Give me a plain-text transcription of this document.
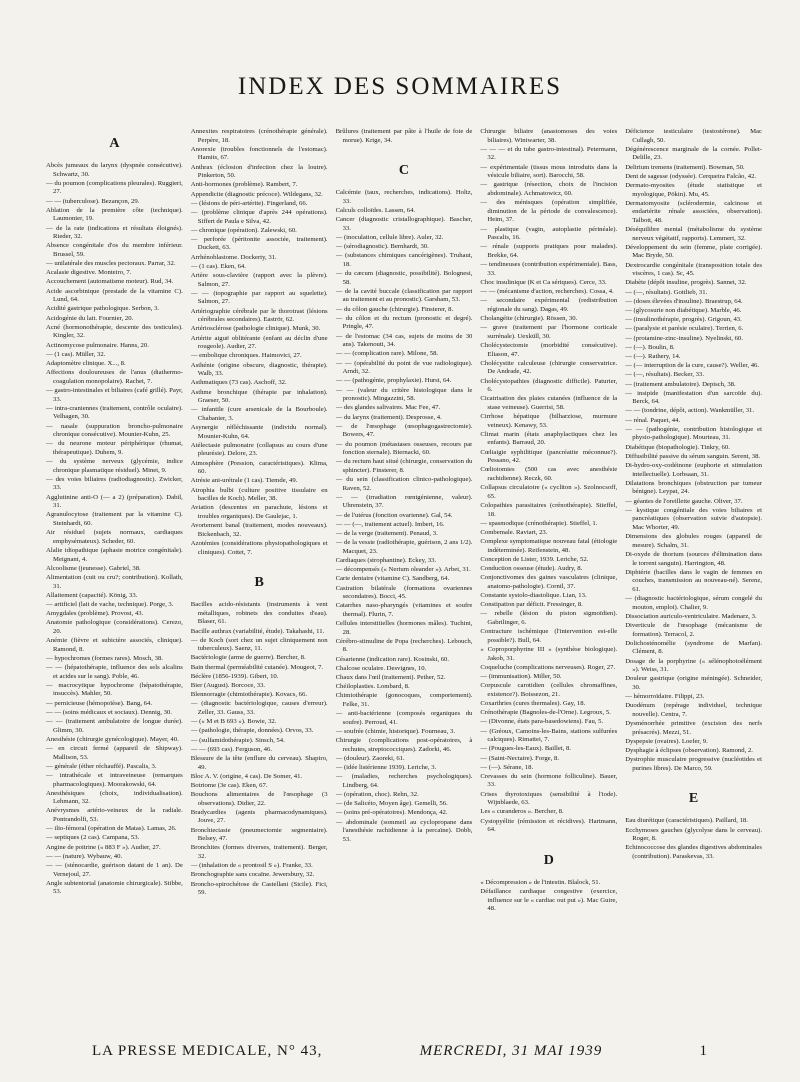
INDEX DES SOMMAIRES
A

Abcès jumeaux du larynx (dyspnée consécutive). Schwartz, 30.

— du poumon (complications pleurales). Ruggieri, 27.

— — (tuberculose). Bezançon, 29.

Ablation de la première côte (technique). Laumonier, 19.

— de la rate (indications et résultats éloignés). Rieder, 32.

Absence congénitale d'os du membre inférieur. Brussel, 59.

— unilatérale des muscles pectoraux. Parrar, 32.

Acalasie digestive. Monteiro, 7.

Accouchement (automatisme moteur). Rud, 34.

Acide ascorbinique (prestade de la vitamine C). Lund, 64.

Acidité gastrique pathologique. Serbon, 3.

Acidogénie du lait. Fournier, 20.

Acné (hormonothérapie, descente des testicules). Kingler, 32.

Actinomycose pulmonaire. Hanns, 20.

— (1 cas). Müller, 32.

Adaptomètre clinique. X..., 8.

Affections douloureuses de l'anus (diathermo-coagulation monopolaire). Rachet, 7.

— gastro-intestinales et biliaires (café grillé). Payr, 33.

— intra-craniennes (traitement, contrôle oculaire). Velhagen, 30.

— nasale (suppuration broncho-pulmonaire chronique consécutive). Mounier-Kuhn, 25.

— du neurone moteur périphérique (rhumat, thérapeutique). Duhem, 9.

— du système nerveux (glycémie, indice chronique plasmatique résiduel). Minet, 9.

— des voies biliaires (radiodiagnostic). Zwicker, 33.

Agglutinine anti-O (— a 2) (préparation). Dabil, 31.

Agranulocytose (traitement par la vitamine C). Steinhardt, 60.

Air résiduel (sujets normaux, cardiaques emphysémateux). Scheder, 60.

Alalie idiopathique (aphasie motrice congénitale). Meignant, 4.

Alcoolisme (jeunesse). Gabriel, 38.

Alimentation (cuit ou cru?; contribution). Kollath, 31.

Allaitement (capacité). König, 33.

— artificiel (lait de vache, technique). Porge, 3.

Amygdales (problème). Provost, 43.

Anatomie pathologique (considérations). Cerezo, 20.

Anémie (fièvre et subictère associés, clinique). Ramond, 8.

— hypochromes (formes rares). Mosch, 38.

— — (hépatothérapie, influence des sels alcalins et acides sur le sang). Poble, 46.

— macrocytique hypochrome (hépatothérapie, insuccès). Mahler, 50.

— pernicieuse (hémopoïèse). Bang, 64.

— — (soins médicaux et sociaux). Dennig, 30.

— — (traitement ambulatoire de longue durée). Glimm, 30.

Anesthésie (chirurgie gynécologique). Mayer, 40.

— en circuit fermé (appareil de Shipway). Mallison, 53.

— générale (éther réchauffé). Pascalis, 3.

— intrathécale et intraveineuse (remarques pharmacologiques). Moorakowski, 64.

Anesthésiques (choix, individualisation). Lehmann, 32.

Anévrysmes artério-veineux de la radiale. Pontrandolfi, 53.

— ilio-fémoral (opération de Matas). Lamas, 26.

— septiques (2 cas). Campana, 53.

Angine de poitrine (« 883 F »). Audier, 27.

— — (nature). Wybauw, 40.

— — (sténocardie, guérison datant de 1 an). De Vernejoul, 27.

Angle subtentorial (anatomie chirurgicale). Stibbe, 53.

Annexites respiratoires (crénothérapie générale). Perpère, 18.

Anorexie (troubles fonctionnels de l'estomac). Hamits, 67.

Anthrax (éclosion d'infection chez la loutre). Pinkerton, 50.

Anti-hormones (problème). Rambert, 7.

Appendicite (diagnostic précoce). Wildegans, 32.

— (lésions de péri-artérite). Fingerland, 66.

— (problème clinique d'après 244 opérations). Siffert de Paula e Silva, 42.

— chronique (opération). Zalewski, 60.

— perforée (péritonite associée, traitement). Duckett, 63.

Arrhénoblastome. Dockerty, 31.

— (1 cas). Eken, 64.

Artère sous-clavière (rapport avec la plèvre). Salmon, 27.

— — (topographie par rapport au squelette). Salmon, 27.

Artériographie cérébrale par le thorotrast (lésions cérébrales secondaires). Eaströr, 62.

Artériosclérose (pathologie clinique). Munk, 30.

Artérite aiguë oblitérante (enfant au déclin d'une rougeole). Audier, 27.

— embolique chroniques. Haimovici, 27.

Asthénie (origine obscure, diagnostic, thérapie). Walb, 33.

Asthmatiques (73 cas). Aschoff, 32.

Asthme bronchique (thérapie par inhalation). Graeser, 50.

— infantile (cure arsenicale de la Bourboule). Chabanier, 3.

Asynergie réfléchissante (individu normal). Mounier-Kuhn, 64.

Atélectasie pulmonaire (collapsus au cours d'une pleurésie). Delore, 23.

Atmosphère (Pression, caractéristiques). Klima, 60.

Atrésie ani-urétrale (1 cas). Tiemde, 49.

Atrophia bulbi (culture positive tissulaire en bacilles de Koch). Meller, 38.

Aviation (descentes en parachute, lésions et troubles organiques). De Gaulejac, 1.

Avortement banal (traitement, modes nouveaux). Bickenbach, 32.

Azotémies (considérations physiopathologiques et cliniques). Cottet, 7.

B

Bacilles acido-résistants (instruments à vent métalliques, robinets des conduites d'eau). Blaser, 61.

Bacille authrax (variabilité, étude). Takahashi, 11.

— de Koch (sort chez un sujet cliniquement non tuberculeux). Saenz, 11.

Bactériologie (arme de guerre). Bercher, 8.

Bain thermal (perméabilité cutanée). Mougeot, 7.

Béclère (1856-1939). Gibert, 10.

Bier (August). Borcoce, 33.

Blennorragie (chimiothérapie). Kovacs, 66.

— (diagnostic bactériologique, causes d'erreur). Zeller, 33. Gauss, 33.

— (« M et B 693 »). Bowie, 32.

— (pathologie, thérapie, données). Orvos, 33.

— (sulfamidothérapie). Sinsch, 54.

— — (693 cas). Ferguson, 46.

Blessure de la tête (enflure du cerveau). Shapiro, 49.

Bloc A. V. (origine, 4 cas). De Somer, 41.

Botriome (3e cas). Eken, 67.

Bouchons alimentaires de l'œsophage (3 observations). Didier, 22.

Bradycardies (agents pharmacodynamiques). Jouve, 27.

Bronchiectasie (pneumectomie segmentaire). Belsey, 47.

Bronchites (formes diverses, traitement). Berger, 32.

— (inhalation de « prontosil S »). Franke, 33.

Bronchographie sans cocaïne. Jewersbury, 32.

Broncho-spirochétose de Castellani (Sicile). Fici, 59.

Brûlures (traitement par pâte à l'huile de foie de morue). Krige, 34.

C

Calcémie (taux, recherches, indications). Holtz, 33.

Calculs colloïdes. Lassen, 64.

Cancer (diagnostic cristallographique). Bascher, 33.

— (inoculation, cellule libre). Auler, 32.

— (sérodiagnostic). Bernhardt, 30.

— (substances chimiques cancérigènes). Truhaut, 18.

— du cæcum (diagnostic, possibilité). Bolognesi, 58.

— de la cavité buccale (classification par rapport au traitement et au pronostic). Garsham, 53.

— du côlon gauche (chirurgie). Finsterer, 8.

— du côlon et du rectum (pronostic et degré). Pringle, 47.

— de l'estomac (34 cas, sujets de moins de 30 ans). Takenouti, 34.

— — (complication rare). Milone, 58.

— — (opérabilité du point de vue radiologique). Arndt, 32.

— — (pathogénie, prophylaxie). Hurst, 64.

— — (valeur du critère histologique dans le pronostic). Mingazzini, 58.

— des glandes salivaires. Mac Fee, 47.

— du larynx (traitement). Desprosse, 4.

— de l'œsophage (œsophagogastrectomie). Bowers, 47.

— du poumon (métastases osseuses, recours par fonction sternale). Biernacki, 60.

— du rectum haut situé (chirurgie, conservation du sphincter). Finsterer, 8.

— du sein (classification clinico-pathologique). Raven, 52.

— — (irradiation rœntgénienne, valeur). Uhrenstein, 37.

— de l'utérus (fonction ovarienne). Gal, 54.

— — (—, traitement actuel). Imbert, 16.

— de la verge (traitement). Penaud, 3.

— de la vessie (radiothérapie, guérison, 2 ans 1/2). Macquet, 23.

Cardiaques (strophantine). Eckey, 33.

— décompensés (« Nerium oleander »). Arbet, 31.

Carie dentaire (vitamine C). Sandberg, 64.

Castration bilatérale (formations ovariennes secondaires). Bocci, 45.

Catarrhes naso-pharyngés (vitamines et soufre thermal). Flurin, 7.

Cellules interstitielles (hormones mâles). Tuchini, 28.

Cérébro-stimuline de Popa (recherches). Lebouch, 8.

Césarienne (indication rare). Kosinski, 60.

Chalcose oculaire. Desvignes, 10.

Chaux dans l'œil (traitement). Pether, 52.

Chéiloplasties. Lombard, 8.

Chimiothérapie (gonocoques, comportement). Felke, 31.

— anti-bactérienne (composés organiques du soufre). Perroud, 41.

— soufrée (chimie, historique). Fourneau, 3.

Chirurgie (complications post-opératoires, à rechutes, streptococciques). Zadorki, 46.

— (douleur). Zaoreki, 61.

— (idée listérienne 1939). Leriche, 3.

— (maladies, recherches psychologiques). Lindberg, 64.

— (opération, choc). Rehn, 32.

— (de Salicéto, Moyen âge). Gemelli, 56.

— (soins pré-opératoires). Mendonça, 42.

— abdominale (sommeil au cyclopropane dans l'anesthésie rachidienne à la percaïne). Dobb, 53.

Chirurgie biliaire (anastomoses des voies biliaires). Winiwarter, 38.

— — — et du tube gastro-intestinal). Petermann, 32.

— expérimentale (tissus mous introduits dans la vésicule biliaire, sort). Barocchi, 58.

— gastrique (résection, choix de l'incision abdominale). Achmatowicz, 60.

— des ménisques (opération simplifiée, diminution de la période de convalescence). Heim, 37.

— plastique (vagin, autoplastie périnéale). Pascalis, 16.

— rénale (supports pratiques pour malades). Brekke, 64.

— tendineuses (contribution expérimentale). Bass, 33.

Choc insulinique (K et Ca sériques). Cerce, 33.

— — (mécanisme d'action, recherches). Cossa, 4.

— secondaire expérimental (redistribution régionale du sang). Dagas, 49.

Cholangéite (chirurgie). Rössen, 30.

— grave (traitement par l'hormone corticale surrénale). Uexküll, 30.

Cholécystectomie (morbidité consécutive). Eliason, 47.

Cholécystite calculeuse (chirurgie conservatrice. De Andrade, 42.

Cholécystopathies (diagnostic difficile). Paturier, 6.

Cicatrisation des plaies cutanées (influence de la stase veineuse). Guerrisi, 58.

Cirrhose hépatique (bilharziose, murmure veineux). Kenawy, 53.

Climat marin (états anaphylactiques chez les enfants). Barraud, 20.

Cœliaigie syphilitique (pancréatite méconnue?). Pessano, 42.

Cœliotomies (500 cas avec anesthésie rachidienne). Reczk, 60.

Collapsus circulatoire (« cycliton »). Szolnocsoff, 65.

Colopathies parasitaires (crénothérapie). Stieffel, 18.

— spasmodique (crénothérapie). Stieffel, 1.

Combemale. Raviart, 23.

Complexe symptomatique nouveau fatal (étiologie indéterminée). Reifenstein, 48.

Conception de Lister, 1939. Leriche, 52.

Conduction osseuse (étude). Audry, 8.

Conjonctivomes des gaines vasculaires (clinique, anatomo-pathologie). Cornil, 37.

Constante systolo-diastolique. Lian, 13.

Constipation par déficit. Fressinger, 8.

— rebelle (lésion du piston sigmoïdien). Gabrilinger, 6.

Contracture ischémique (l'intervention est-elle possible?). Bull, 64.

« Coproporphyrine III » (synthèse biologique). Jakob, 31.

Coqueluche (complications nerveuses). Roger, 27.

— (immunisation). Miller, 50.

Corpuscule carotidien (cellules chromaffines, existence?). Boissezon, 21.

Coxarthries (cures thermales). Gay, 18.

Crénothérapie (Bagnoles-de-l'Orne). Legroux, 5.

— (Divonne, états para-basedowiens). Fau, 5.

— (Gréoux, Camoins-les-Bains, stations sulfurées calciques). Rimattei, 7.

— (Pougues-les-Eaux). Baillet, 8.

— (Saint-Nectaire). Forge, 8.

— (—). Sérane, 18.

Crevasses du sein (hormone folliculine). Bauer, 33.

Crises thyrotoxiques (sensibilité à l'iode). Wijnblaede, 63.

Les « curanderos ». Bercher, 8.

Cystopyélite (rémission et récidives). Hartmann, 64.

D

« Décompression » de l'intestin. Blalock, 51.

Défaillance cardiaque congestive (exercice, influence sur le « cardiac out put »). Mac Guire, 48.

Déficience testiculaire (testostérone). Mac Cullagh, 50.

Dégénérescence marginale de la cornée. Pollet-Delille, 23.

Delirium tremens (traitement). Bowman, 50.

Dent de sagesse (odyssée). Cerqueira Falcão, 42.

Dermato-myosites (étude statistique et myologique, Pökin). Mu, 45.

Dermatomyosite (sclérodermie, calcinose et endartérite rénale associées, observation). Talbott, 48.

Déséquilibre mental (métabolisme du système nerveux végétatif, rapports). Lemmert, 32.

Développement du sein (femme, plate corrigée). Mac Bryde, 50.

Dextrocardie congénitale (transposition totale des viscères, 1 cas). Sc, 45.

Diabète (dépôt insuline, progrès). Sannet, 32.

— (—, résultats). Gottlieb, 31.

— (doses élevées d'insuline). Braestrup, 64.

— (glycosurie non diabétique). Marble, 46.

— (insulinothérapie, progrès). Grigoun, 43.

— (paralysie et parésie oculaire). Terrien, 6.

— (protamine-zinc-insuline). Nyelinskt, 60.

— (—). Boulin, 8.

— (—). Rathery, 14.

— (— interruption de la cure, cause?). Weller, 46.

— (—, résultats). Becker, 33.

— (traitement ambulatoire). Depisch, 38.

— insipide (manifestation d'un sarcoïde du). Berck, 64.

— — (tondrine, dépôt, action). Wankmüller, 31.

— rénal. Paquet, 44.

— — (pathogénie, contribution histologique et physio-pathologique). Mourteau, 31.

Diabétique (biopathologie). Tinkry, 60.

Diffusibilité passive du sérum sanguin. Serent, 38.

Di-hydro-oxy-codéinone (euphorie et stimulation intellectuelle). Lorbsaan, 31.

Dilatations bronchiques (obstruction par tumeur bénigne). Leypat, 24.

— géantes de l'oreillette gauche. Oliver, 37.

— kystique congénitale des voies biliaires et pancréatiques (observation suivie d'autopsie). Mac Whorter, 49.

Dimensions des globules rouges (appareil de mesure). Schalm, 31.

Di-oxyde de thorium (sources d'élimination dans le torrent sanguin). Harrington, 48.

Diphtérie (bacilles dans le vagin de femmes en couches, transmission au nouveau-né). Serenz, 61.

— (diagnostic bactériologique, sérum congelé du mouton, emploi). Chalier, 9.

Dissociation auriculo-ventriculaire. Madenarz, 3.

Diverticule de l'œsophage (mécanisme de formation). Terracol, 2.

Dolichosténomélie (syndrome de Marfan). Clément, 8.

Dosage de la porphyrine (« sélénophotoélément »). Weiss, 31.

Douleur gastrique (origine méningée). Schneider, 30.

— hémorroïdaire. Filippi, 23.

Duodénum (repérage individuel, technique nouvelle). Centra, 7.

Dysménorrhée primitive (excision des nerfs présacrés). Mezzi, 51.

Dyspepsie (ovaires). Loefer, 9.

Dysphagie à éclipses (observation). Ramond, 2.

Dystrophie musculaire progressive (nucléotides et purines libres). De Marco, 59.

E

Eau diurétique (caractéristiques). Paillard, 18.

Ecchymoses gauches (glycolyse dans le cerveau). Roger, 8.

Echinococcose des glandes digestives abdominales (contribution). Paraskevas, 33.

LA PRESSE MEDICALE, N° 43,	MERCREDI, 31 MAI 1939	1
